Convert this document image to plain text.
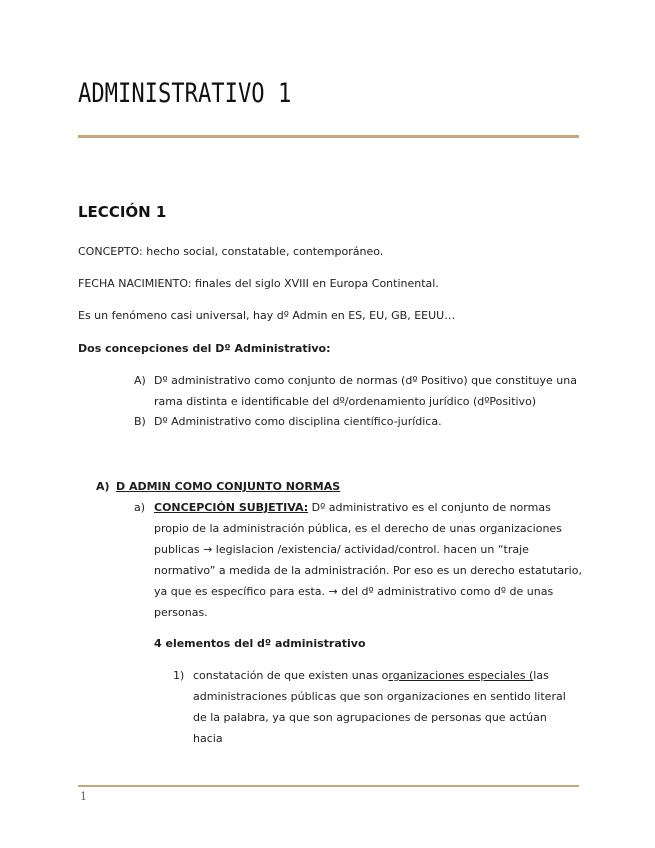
ADMINISTRATIVO 1
LECCIÓN 1

CONCEPTO: hecho social, constatable, contemporáneo.

FECHA NACIMIENTO: finales del siglo XVIII en Europa Continental.

Es un fenómeno casi universal, hay dº Admin en ES, EU, GB, EEUU…

Dos concepciones del Dº Administrativo:

A) Dº administrativo como conjunto de normas (dº Positivo) que constituye una rama distinta e identificable del dº/ordenamiento jurídico (dºPositivo)

B) Dº Administrativo como disciplina científico-jurídica.

A) D ADMIN COMO CONJUNTO NORMAS
a) CONCEPCIÓN SUBJETIVA: Dº administrativo es el conjunto de normas propio de la administración pública, es el derecho de unas organizaciones publicas → legislacion /existencia/ actividad/control. hacen un “traje normativo” a medida de la administración. Por eso es un derecho estatutario, ya que es específico para esta. → del dº administrativo como dº de unas personas.

4 elementos del dº administrativo

1) constatación de que existen unas organizaciones especiales (las administraciones públicas que son organizaciones en sentido literal de la palabra, ya que son agrupaciones de personas que actúan hacia

1
